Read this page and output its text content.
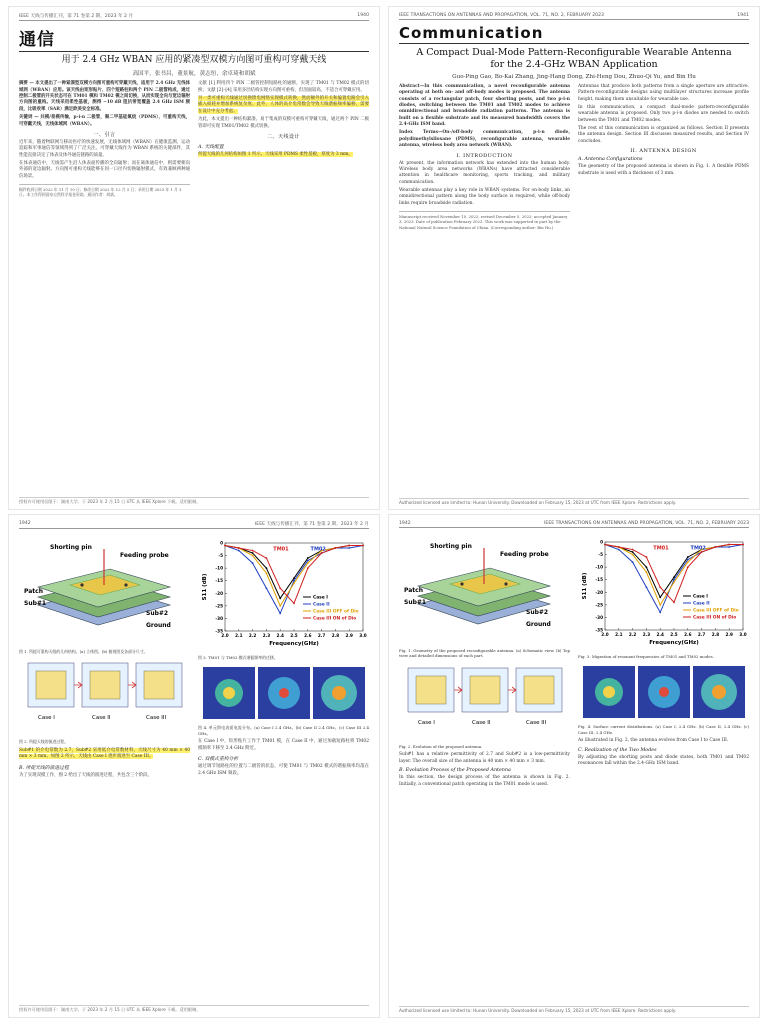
IEEE 天线与传播汇刊，第 71 卷第 2 期，2023 年 2 月	1940
通信
用于 2.4 GHz WBAN 应用的紧凑型双模方向图可重构可穿戴天线
高国平，张书昌，董景航，黄志恒，余卓琦和胡斌

摘要 — 本文提出了一种紧凑型双模方向图可重构可穿戴天线，适用于 2.4 GHz 无线体域网（WBAN）应用。该天线由矩形贴片、四个短路柱和两个 PIN 二极管构成，通过控制二极管的开关状态可在 TM01 模和 TM02 模之间切换，从而实现全向与宽边辐射方向图的重构。天线采用柔性基板，测得 −10 dB 阻抗带宽覆盖 2.4 GHz ISM 频段，比吸收率（SAR）满足欧美安全标准。

关键词 — 共模/差模传输，p-i-n 二极管，聚二甲基硅氧烷（PDMS），可重构天线，可穿戴天线，无线体域网（WBAN）。

一、引言

近年来，随着物联网与移动医疗的快速发展，无线体域网（WBAN）在健康监测、运动追踪和军事通信等领域得到了广泛关注。可穿戴天线作为 WBAN 系统的关键部件，其性能直接决定了体表及体外通信链路的质量。

在体表通信中，天线需产生沿人体表面传播的全向辐射；而在离体通信中，则需要朝向外部的宽边辐射。方向图可重构天线能够在同一口径内切换辐射模式，有效兼顾两种通信场景。

稿件收到日期 2022 年 11 月 10 日；修改日期 2022 年 12 月 5 日；录用日期 2023 年 1 月 3 日。本工作得到国家自然科学基金资助。通讯作者：胡斌。

文献 [1] 利用四个 PIN 二极管控制短路柱的通断，实现了 TM01 与 TM02 模式的切换；文献 [2]–[4] 采用多层结构实现方向图可重构，但剖面较高，不适合可穿戴应用。

另一类可重构天线通过切换馈电网络实现模式转换，然而额外的开关和偏置电路会引入插入损耗并增加系统复杂度。此外，人体的高介电常数会导致天线谐振频率偏移，需要在设计中充分考虑。

为此，本文提出一种结构紧凑、易于集成的双模可重构可穿戴天线，通过两个 PIN 二极管即可实现 TM01/TM02 模式切换。

二、天线设计
A. 天线配置

所提天线的几何结构如图 1 所示。天线采用 PDMS 柔性基板，厚度为 3 mm。

授权许可使用仅限于：湖南大学。于 2023 年 2 月 15 日 UTC 从 IEEE Xplore 下载。适用限制。
IEEE TRANSACTIONS ON ANTENNAS AND PROPAGATION, VOL. 71, NO. 2, FEBRUARY 2023	1941
Communication
A Compact Dual-Mode Pattern-Reconfigurable Wearable Antenna for the 2.4-GHz WBAN Application
Guo-Ping Gao, Bo-Kai Zhang, Jing-Hang Dong, Zhi-Heng Dou, Zhuo-Qi Yu, and Bin Hu

Abstract—In this communication, a novel reconfigurable antenna operating at both on- and off-body modes is proposed. The antenna consists of a rectangular patch, four shorting posts, and two p-i-n diodes, switching between the TM01 and TM02 modes to achieve omnidirectional and broadside radiation patterns. The antenna is built on a flexible substrate and its measured bandwidth covers the 2.4-GHz ISM band.

Index Terms—On-/off-body communication, p-i-n diode, polydimethylsiloxane (PDMS), reconfigurable antenna, wearable antenna, wireless body area network (WBAN).

I. INTRODUCTION

At present, the information network has extended into the human body. Wireless body area networks (WBANs) have attracted considerable attention in healthcare monitoring, sports tracking, and military communication.

Wearable antennas play a key role in WBAN systems. For on-body links, an omnidirectional pattern along the body surface is required, while off-body links require broadside radiation.

Manuscript received November 10, 2022; revised December 5, 2022; accepted January 3, 2023. Date of publication February 2023. This work was supported in part by the National Natural Science Foundation of China. (Corresponding author: Bin Hu.)

Antennas that produce both patterns from a single aperture are attractive. Pattern-reconfigurable designs using multilayer structures increase profile height, making them unsuitable for wearable use.

In this communication, a compact dual-mode pattern-reconfigurable wearable antenna is proposed. Only two p-i-n diodes are needed to switch between the TM01 and TM02 modes.

The rest of this communication is organized as follows. Section II presents the antenna design. Section III discusses measured results, and Section IV concludes.

II. ANTENNA DESIGN
A. Antenna Configurations

The geometry of the proposed antenna is shown in Fig. 1. A flexible PDMS substrate is used with a thickness of 3 mm.

Authorized licensed use limited to: Hunan University. Downloaded on February 15, 2023 at UTC from IEEE Xplore. Restrictions apply.
1942	IEEE 天线与传播汇刊，第 71 卷第 2 期，2023 年 2 月
Shorting pin
Feeding probe
Patch
Sub#1
Sub#2
Ground
图 1. 所提可重构天线的几何结构。(a) 立体图。(b) 俯视图及各部分尺寸。
Case I	Case II	Case III
图 2. 所提天线的演进过程。

Sub#1 的介电常数为 2.7，Sub#2 采用低介电常数材料，天线尺寸为 40 mm × 40 mm × 3 mm。如图 2 所示，天线由 Case I 逐步演进至 Case III。

B. 所提天线的演进过程

为了实现双模工作，图 2 给出了天线的演进过程，共包含三个阶段。

2.0 2.1 2.2 2.3 2.4 2.5 2.6 2.7 2.8 2.9 3.0
-35
-30
-25
-20
-15
-10
-5
0
Frequency(GHz)
S11 (dB)	Case I
Case II
Case III OFF of Dio
Case III ON of Dio
TM01	TM02
图 3. TM01 与 TM02 模式谐振频率的迁移。
图 4. 单元馈电表面电流分布。(a) Case I 2.4 GHz。(b) Case II 2.4 GHz。(c) Case III 2.4 GHz。

在 Case I 中，矩形贴片工作于 TM01 模，在 Case II 中，通过加载短路柱将 TM02 模频率下移至 2.4 GHz 附近。

C. 双模式重构分析

通过调节短路柱的位置与二极管的状态，可使 TM01 与 TM02 模式的谐振频率均落在 2.4 GHz ISM 频段。

授权许可使用仅限于：湖南大学。于 2023 年 2 月 15 日 UTC 从 IEEE Xplore 下载。适用限制。
1942	IEEE TRANSACTIONS ON ANTENNAS AND PROPAGATION, VOL. 71, NO. 2, FEBRUARY 2023
Shorting pin
Feeding probe
Patch
Sub#1
Sub#2
Ground
Fig. 1. Geometry of the proposed reconfigurable antenna. (a) Schematic view. (b) Top view and detailed dimensions of each part.
Case I	Case II	Case III
Fig. 2. Evolution of the proposed antenna.

Sub#1 has a relative permittivity of 2.7 and Sub#2 is a low-permittivity layer. The overall size of the antenna is 40 mm × 40 mm × 3 mm.

B. Evolution Process of the Proposed Antenna

In this section, the design process of the antenna is shown in Fig. 2. Initially, a conventional patch operating in the TM01 mode is used.

2.0 2.1 2.2 2.3 2.4 2.5 2.6 2.7 2.8 2.9 3.0
-35
-30
-25
-20
-15
-10
-5
0
Frequency(GHz)
S11 (dB)	Case I
Case II
Case III OFF of Dio
Case III ON of Dio
TM01	TM02
Fig. 3. Migration of resonant frequencies of TM01 and TM02 modes.
Fig. 4. Surface current distributions. (a) Case I, 2.4 GHz. (b) Case II, 2.4 GHz. (c) Case III, 2.4 GHz.

As illustrated in Fig. 2, the antenna evolves from Case I to Case III.

C. Realization of the Two Modes

By adjusting the shorting posts and diode states, both TM01 and TM02 resonances fall within the 2.4-GHz ISM band.

Authorized licensed use limited to: Hunan University. Downloaded on February 15, 2023 at UTC from IEEE Xplore. Restrictions apply.
